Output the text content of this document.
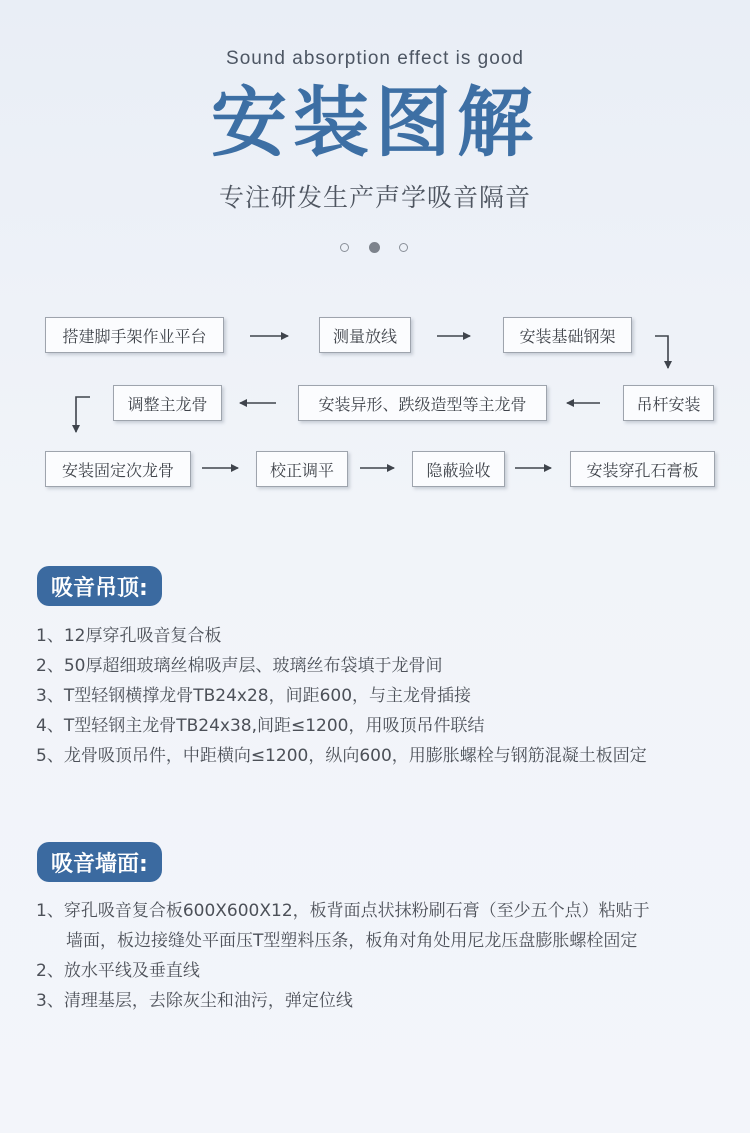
Sound absorption effect is good
安装图解
专注研发生产声学吸音隔音
搭建脚手架作业平台	测量放线	安装基础钢架
调整主龙骨	安装异形、跌级造型等主龙骨	吊杆安装
安装固定次龙骨	校正调平	隐蔽验收	安装穿孔石膏板
吸音吊顶:
1、12厚穿孔吸音复合板
2、50厚超细玻璃丝棉吸声层、玻璃丝布袋填于龙骨间
3、T型轻钢横撑龙骨TB24x28，间距600，与主龙骨插接
4、T型轻钢主龙骨TB24x38,间距≤1200，用吸顶吊件联结
5、龙骨吸顶吊件，中距横向≤1200，纵向600，用膨胀螺栓与钢筋混凝土板固定
吸音墙面:
1、穿孔吸音复合板600X600X12，板背面点状抹粉刷石膏（至少五个点）粘贴于
墙面，板边接缝处平面压T型塑料压条，板角对角处用尼龙压盘膨胀螺栓固定
2、放水平线及垂直线
3、清理基层，去除灰尘和油污，弹定位线
